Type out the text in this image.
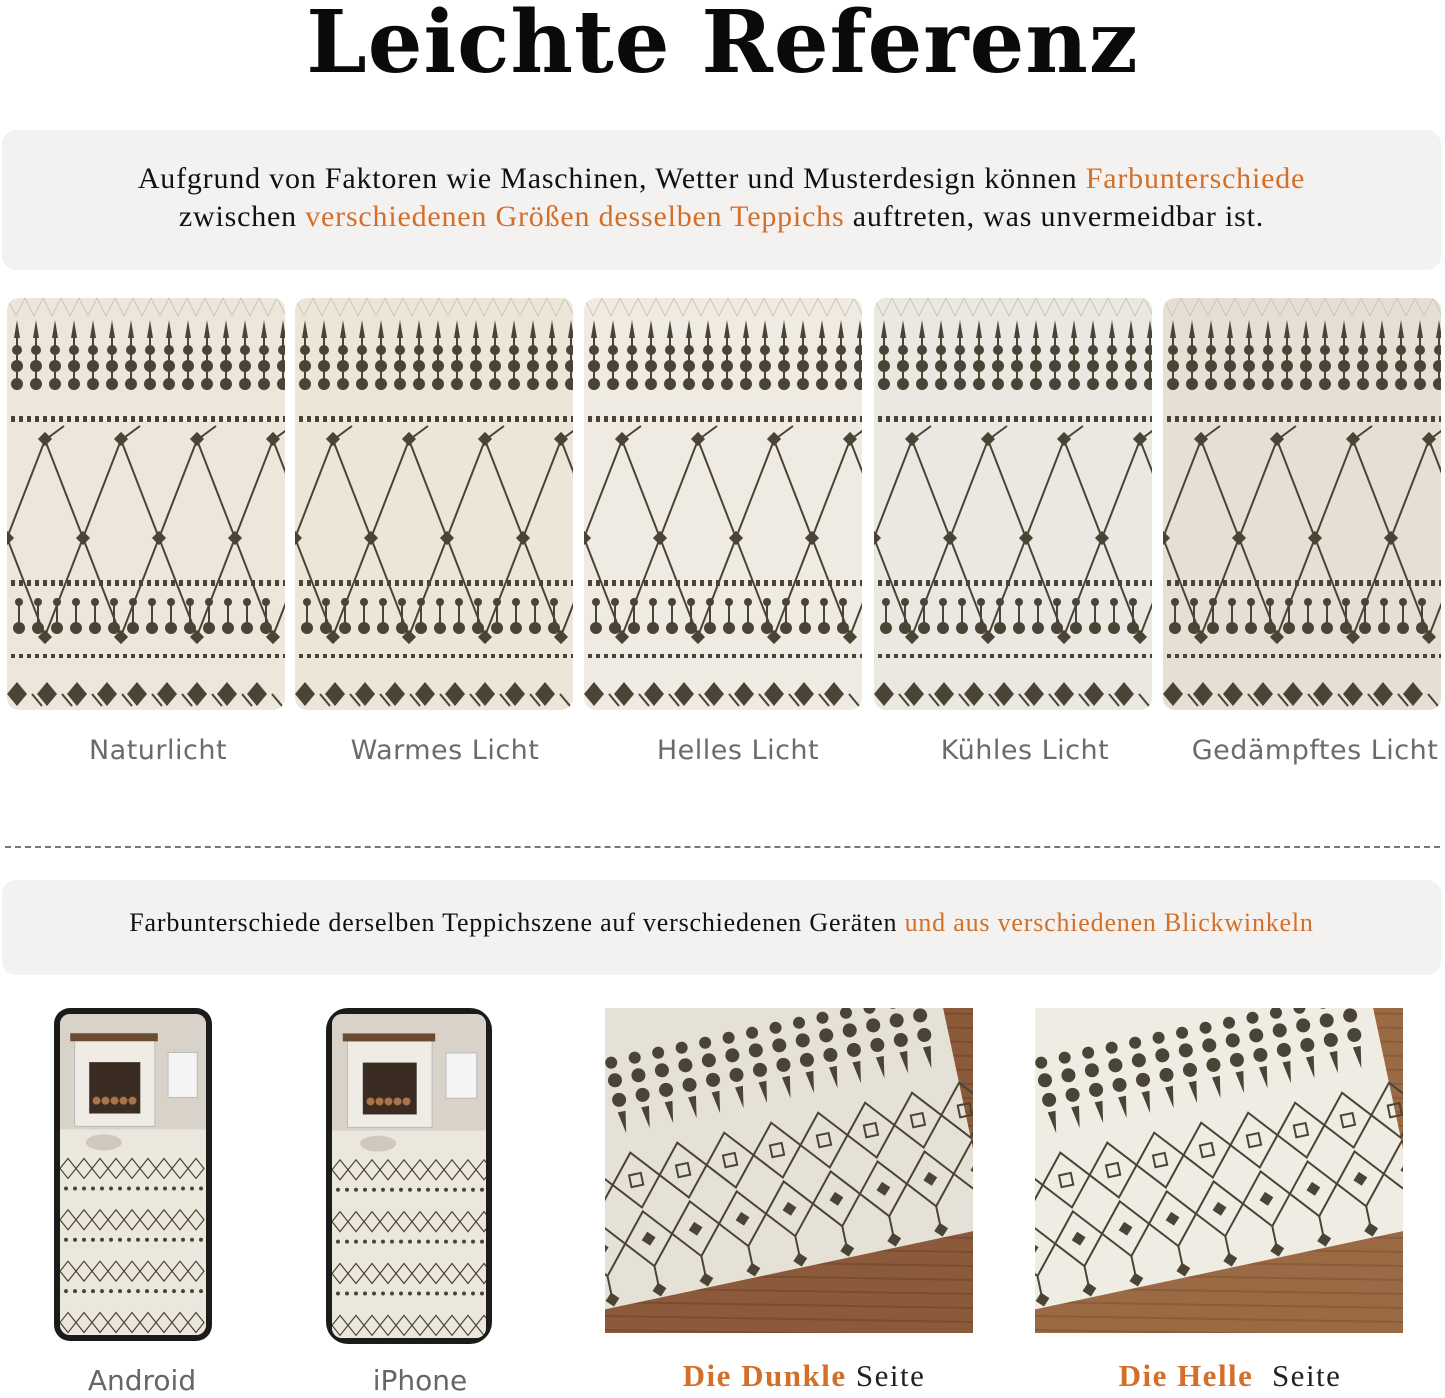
Leichte Referenz
Aufgrund von Faktoren wie Maschinen, Wetter und Musterdesign können Farbunterschiede
zwischen verschiedenen Größen desselben Teppichs auftreten, was unvermeidbar ist.
Naturlicht	Warmes Licht	Helles Licht	Kühles Licht	Gedämpftes Licht
Farbunterschiede derselben Teppichszene auf verschiedenen Geräten und aus verschiedenen Blickwinkeln
Android	iPhone	Die Dunkle Seite	Die Helle Seite
